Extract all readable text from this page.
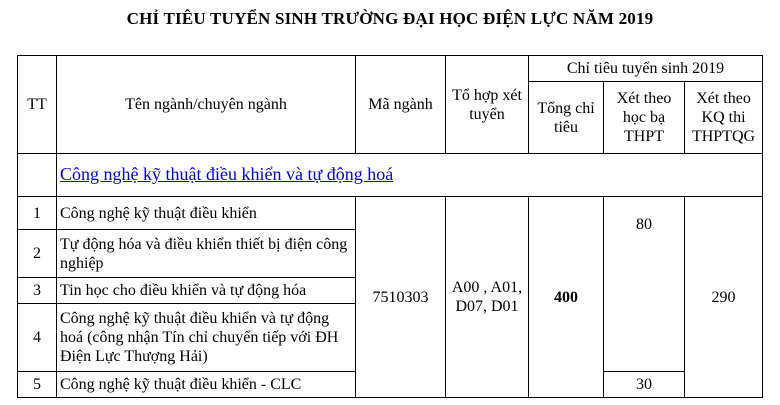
CHỈ TIÊU TUYỂN SINH TRƯỜNG ĐẠI HỌC ĐIỆN LỰC NĂM 2019
TT	Tên ngành/chuyên ngành	Mã ngành	Tổ hợp xét tuyển	Chỉ tiêu tuyển sinh 2019		
				Tổng chỉ tiêu	Xét theo học bạ THPT	Xét theo KQ thi THPTQG
	Công nghệ kỹ thuật điều khiển và tự động hoá					
1	Công nghệ kỹ thuật điều khiển	7510303	A00 , A01, D07, D01	400	80	290
2	Tự động hóa và điều khiển thiết bị điện công nghiệp					
3	Tin học cho điều khiển và tự động hóa					
4	Công nghệ kỹ thuật điều khiển và tự động hoá (công nhận Tín chỉ chuyển tiếp với ĐH Điện Lực Thượng Hải)					
5	Công nghệ kỹ thuật điều khiển - CLC				30	
